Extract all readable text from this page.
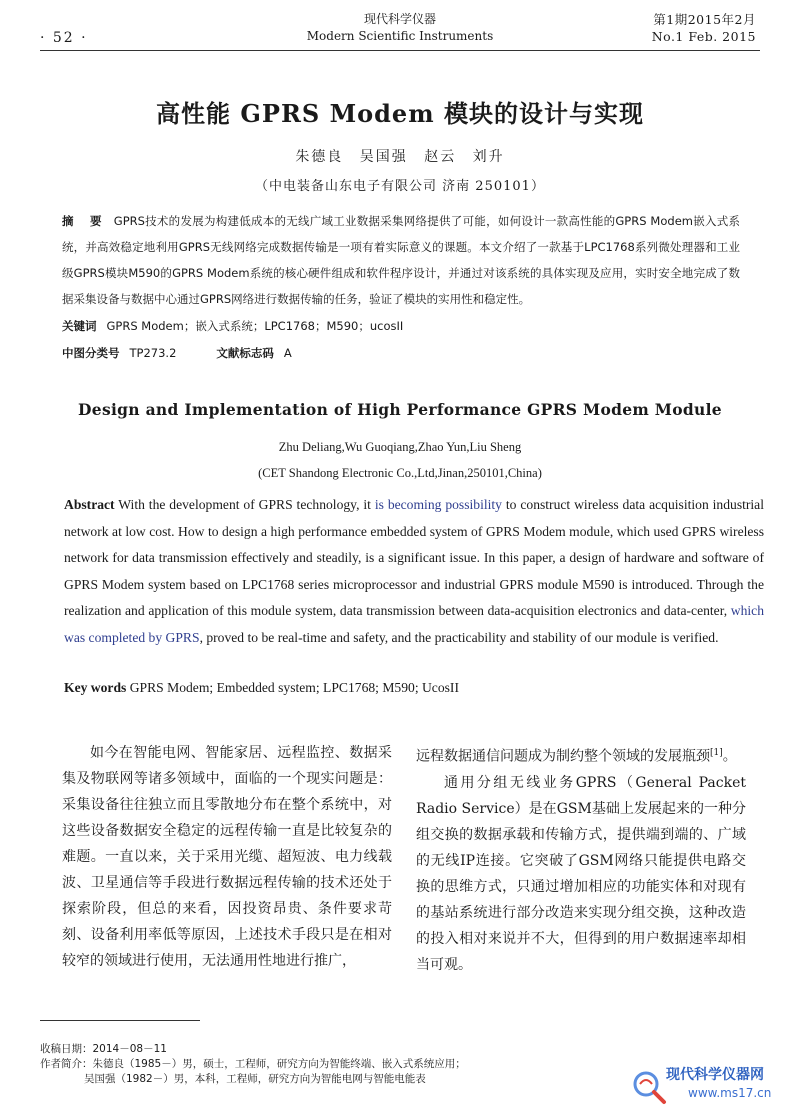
· 52 ·
现代科学仪器
Modern Scientific Instruments
第1期2015年2月
No.1 Feb. 2015
高性能 GPRS Modem 模块的设计与实现
朱德良 吴国强 赵云 刘升
（中电装备山东电子有限公司 济南 250101）
摘 要 GPRS技术的发展为构建低成本的无线广域工业数据采集网络提供了可能，如何设计一款高性能的GPRS Modem嵌入式系统，并高效稳定地利用GPRS无线网络完成数据传输是一项有着实际意义的课题。本文介绍了一款基于LPC1768系列微处理器和工业级GPRS模块M590的GPRS Modem系统的核心硬件组成和软件程序设计，并通过对该系统的具体实现及应用，实时安全地完成了数据采集设备与数据中心通过GPRS网络进行数据传输的任务，验证了模块的实用性和稳定性。
关键词 GPRS Modem；嵌入式系统；LPC1768；M590；ucosII
中图分类号 TP273.2	文献标志码 A
Design and Implementation of High Performance GPRS Modem Module
Zhu Deliang,Wu Guoqiang,Zhao Yun,Liu Sheng
(CET Shandong Electronic Co.,Ltd,Jinan,250101,China)
Abstract With the development of GPRS technology, it is becoming possibility to construct wireless data acquisition industrial network at low cost. How to design a high performance embedded system of GPRS Modem module, which used GPRS wireless network for data transmission effectively and steadily, is a significant issue. In this paper, a design of hardware and software of GPRS Modem system based on LPC1768 series microprocessor and industrial GPRS module M590 is introduced. Through the realization and application of this module system, data transmission between data-acquisition electronics and data-center, which was completed by GPRS, proved to be real-time and safety, and the practicability and stability of our module is verified.
Key words GPRS Modem; Embedded system; LPC1768; M590; UcosII

如今在智能电网、智能家居、远程监控、数据采集及物联网等诸多领域中，面临的一个现实问题是：采集设备往往独立而且零散地分布在整个系统中，对这些设备数据安全稳定的远程传输一直是比较复杂的难题。一直以来，关于采用光缆、超短波、电力线载波、卫星通信等手段进行数据远程传输的技术还处于探索阶段，但总的来看，因投资昂贵、条件要求苛刻、设备利用率低等原因，上述技术手段只是在相对较窄的领域进行使用，无法通用性地进行推广，

远程数据通信问题成为制约整个领域的发展瓶颈[1]。

通用分组无线业务GPRS（General Packet Radio Service）是在GSM基础上发展起来的一种分组交换的数据承载和传输方式，提供端到端的、广域的无线IP连接。它突破了GSM网络只能提供电路交换的思维方式，只通过增加相应的功能实体和对现有的基站系统进行部分改造来实现分组交换，这种改造的投入相对来说并不大，但得到的用户数据速率却相当可观。

收稿日期：2014－08－11
作者简介：朱德良（1985－）男，硕士，工程师，研究方向为智能终端、嵌入式系统应用；
吴国强（1982－）男，本科，工程师，研究方向为智能电网与智能电能表	现代科学仪器网
www.ms17.cn
